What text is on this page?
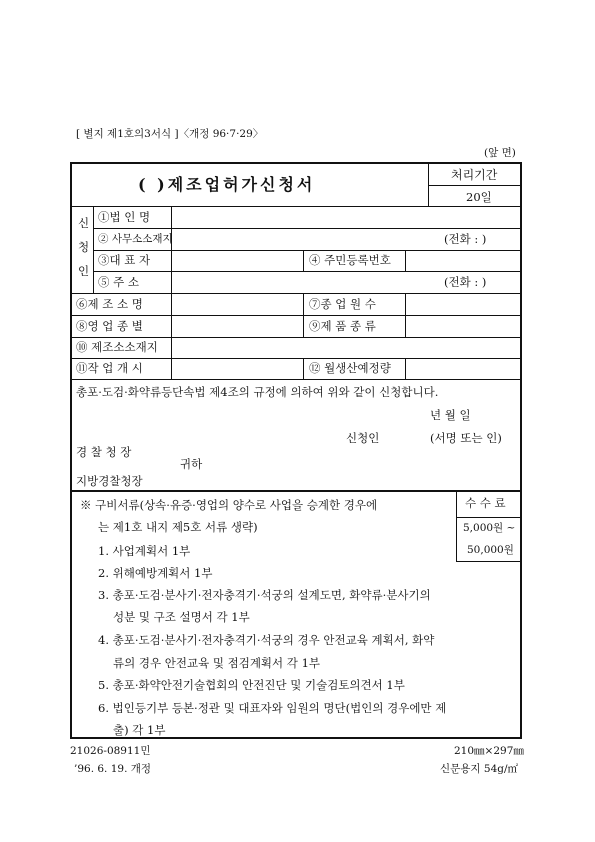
[ 별지 제1호의3서식 ]〈개정 96·7·29〉
(앞 면)
( )제조업허가신청서	처리기간
20일
신
청
인
①법 인 명
② 사무소소재지	(전화 : )
③대 표 자	④ 주민등록번호
⑤ 주 소	(전화 : )
⑥제 조 소 명	⑦종 업 원 수
⑧영 업 종 별	⑨제 품 종 류
⑩ 제조소소재지
⑪작 업 개 시	⑫ 월생산예정량
총포·도검·화약류등단속법 제4조의 규정에 의하여 위와 같이 신청합니다.
년 월 일
신청인	(서명 또는 인)
경 찰 청 장
귀하
지방경찰청장
수 수 료
5,000원 ~
50,000원
※ 구비서류(상속·유증·영업의 양수로 사업을 승계한 경우에
는 제1호 내지 제5호 서류 생략)
1. 사업계획서 1부
2. 위해예방계획서 1부
3. 총포·도검·분사기·전자충격기·석궁의 설계도면, 화약류·분사기의
성분 및 구조 설명서 각 1부
4. 총포·도검·분사기·전자충격기·석궁의 경우 안전교육 계획서, 화약
류의 경우 안전교육 및 점검계획서 각 1부
5. 총포·화약안전기술협회의 안전진단 및 기술검토의견서 1부
6. 법인등기부 등본·정관 및 대표자와 임원의 명단(법인의 경우에만 제
출) 각 1부
21026-08911민	210㎜×297㎜
’96. 6. 19. 개정	신문용지 54g/㎡
